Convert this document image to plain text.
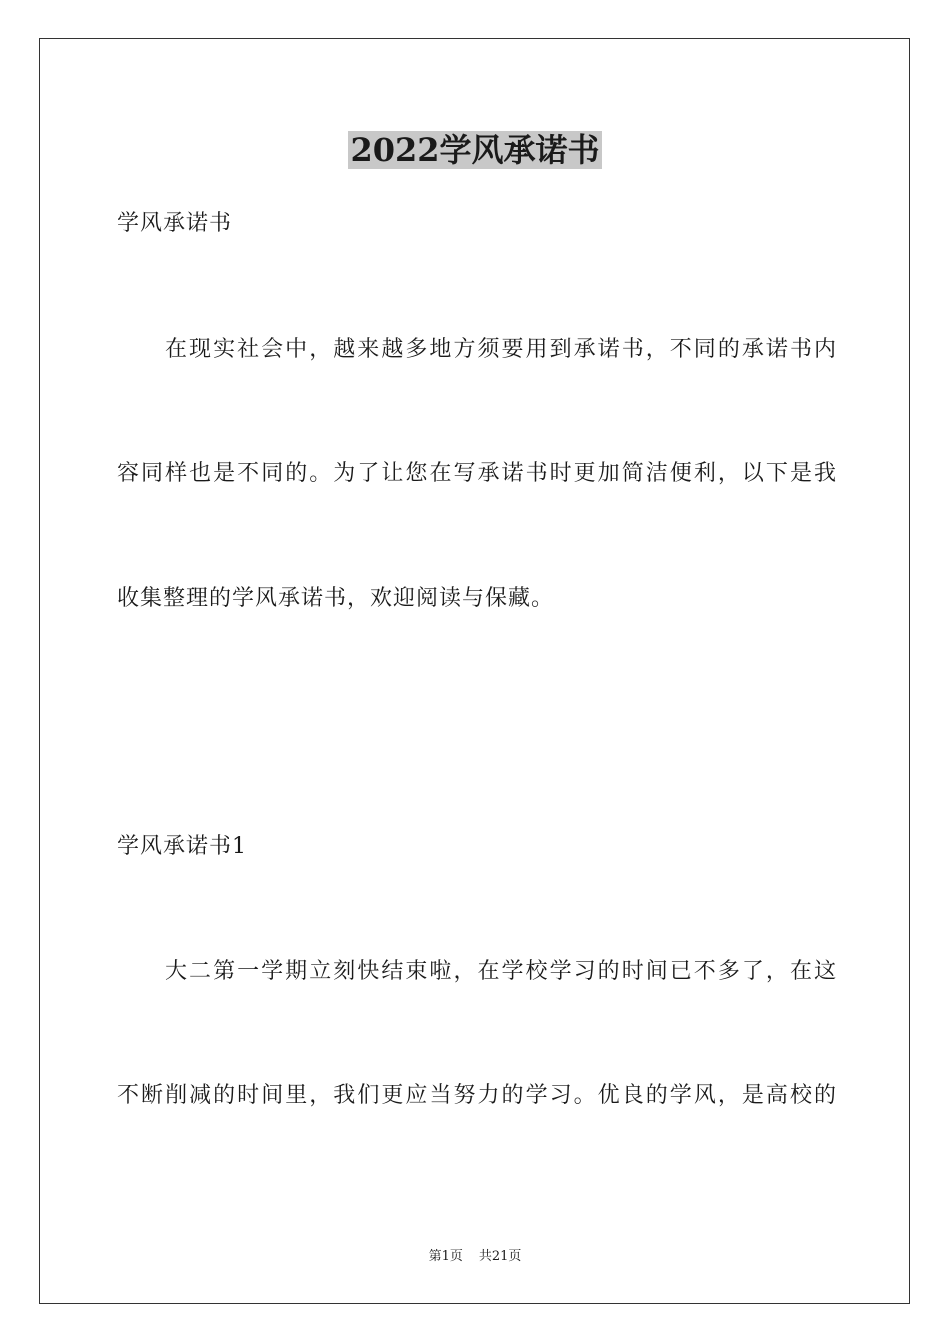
2022学风承诺书

学风承诺书

在现实社会中，越来越多地方须要用到承诺书，不同的承诺书内

容同样也是不同的。为了让您在写承诺书时更加简洁便利，以下是我

收集整理的学风承诺书，欢迎阅读与保藏。

学风承诺书1

大二第一学期立刻快结束啦，在学校学习的时间已不多了，在这

不断削减的时间里，我们更应当努力的学习。优良的学风，是高校的

第1页 共21页
